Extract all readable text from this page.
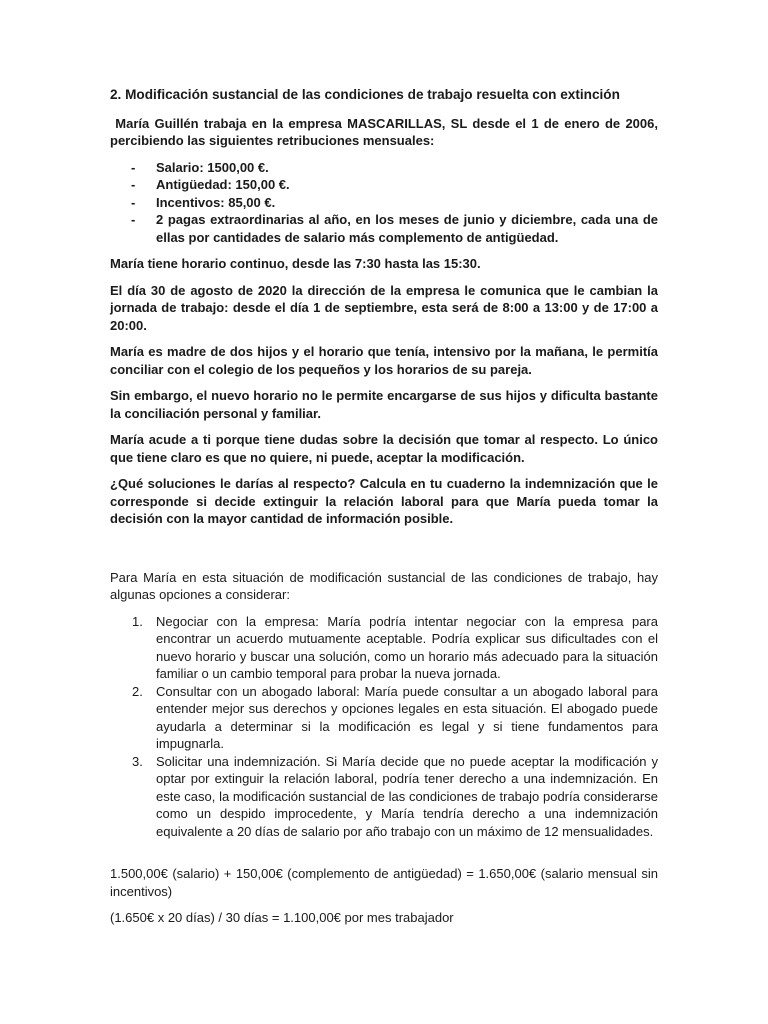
2. Modificación sustancial de las condiciones de trabajo resuelta con extinción

María Guillén trabaja en la empresa MASCARILLAS, SL desde el 1 de enero de 2006, percibiendo las siguientes retribuciones mensuales:

- Salario: 1500,00 €.
- Antigüedad: 150,00 €.
- Incentivos: 85,00 €.
- 2 pagas extraordinarias al año, en los meses de junio y diciembre, cada una de ellas por cantidades de salario más complemento de antigüedad.

María tiene horario continuo, desde las 7:30 hasta las 15:30.

El día 30 de agosto de 2020 la dirección de la empresa le comunica que le cambian la jornada de trabajo: desde el día 1 de septiembre, esta será de 8:00 a 13:00 y de 17:00 a 20:00.

María es madre de dos hijos y el horario que tenía, intensivo por la mañana, le permitía conciliar con el colegio de los pequeños y los horarios de su pareja.

Sin embargo, el nuevo horario no le permite encargarse de sus hijos y dificulta bastante la conciliación personal y familiar.

María acude a ti porque tiene dudas sobre la decisión que tomar al respecto. Lo único que tiene claro es que no quiere, ni puede, aceptar la modificación.

¿Qué soluciones le darías al respecto? Calcula en tu cuaderno la indemnización que le corresponde si decide extinguir la relación laboral para que María pueda tomar la decisión con la mayor cantidad de información posible.

Para María en esta situación de modificación sustancial de las condiciones de trabajo, hay algunas opciones a considerar:

1. Negociar con la empresa: María podría intentar negociar con la empresa para encontrar un acuerdo mutuamente aceptable. Podría explicar sus dificultades con el nuevo horario y buscar una solución, como un horario más adecuado para la situación familiar o un cambio temporal para probar la nueva jornada.
2. Consultar con un abogado laboral: María puede consultar a un abogado laboral para entender mejor sus derechos y opciones legales en esta situación. El abogado puede ayudarla a determinar si la modificación es legal y si tiene fundamentos para impugnarla.
3. Solicitar una indemnización. Si María decide que no puede aceptar la modificación y optar por extinguir la relación laboral, podría tener derecho a una indemnización. En este caso, la modificación sustancial de las condiciones de trabajo podría considerarse como un despido improcedente, y María tendría derecho a una indemnización equivalente a 20 días de salario por año trabajo con un máximo de 12 mensualidades.

1.500,00€ (salario) + 150,00€ (complemento de antigüedad) = 1.650,00€ (salario mensual sin incentivos)

(1.650€ x 20 días) / 30 días = 1.100,00€ por mes trabajador
